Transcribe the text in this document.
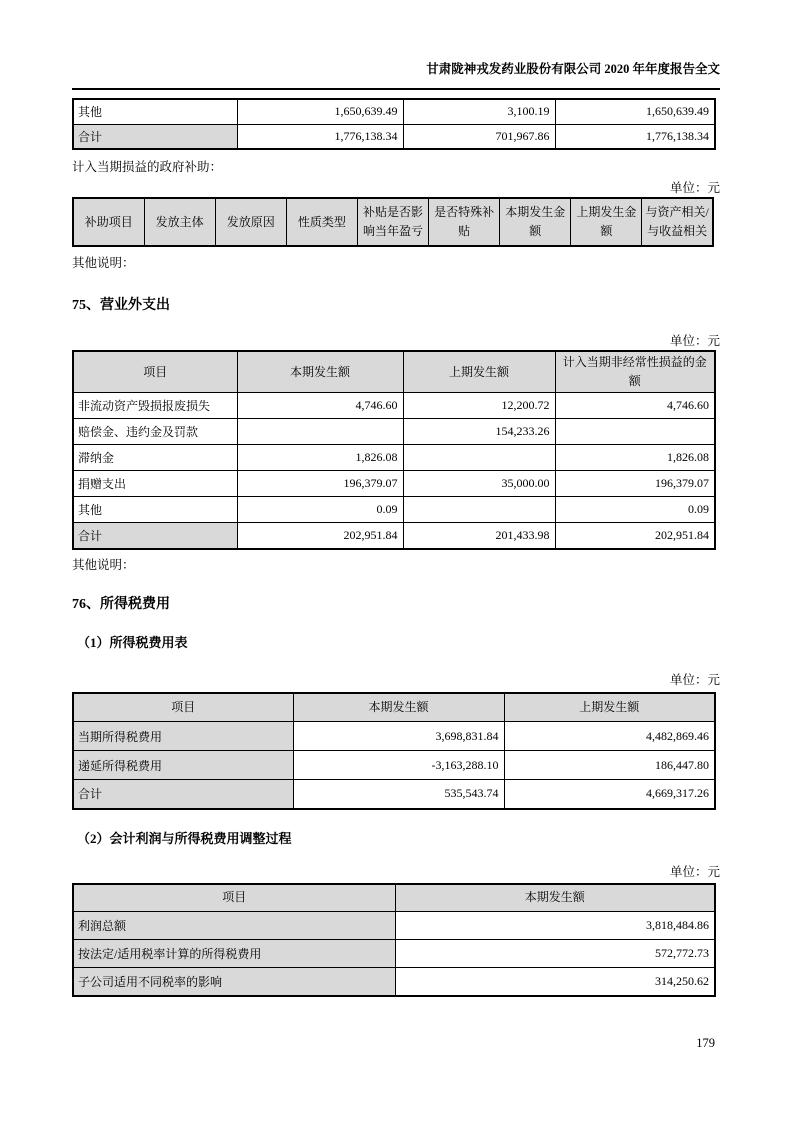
甘肃陇神戎发药业股份有限公司 2020 年年度报告全文
其他	1,650,639.49	3,100.19	1,650,639.49
合计	1,776,138.34	701,967.86	1,776,138.34

计入当期损益的政府补助：

单位：元
补助项目	发放主体	发放原因	性质类型	补贴是否影响当年盈亏	是否特殊补贴	本期发生金额	上期发生金额	与资产相关/与收益相关

其他说明：

75、营业外支出
单位：元
项目	本期发生额	上期发生额	计入当期非经常性损益的金额
非流动资产毁损报废损失	4,746.60	12,200.72	4,746.60
赔偿金、违约金及罚款		154,233.26	
滞纳金	1,826.08		1,826.08
捐赠支出	196,379.07	35,000.00	196,379.07
其他	0.09		0.09
合计	202,951.84	201,433.98	202,951.84

其他说明：

76、所得税费用
（1）所得税费用表
单位：元
项目	本期发生额	上期发生额
当期所得税费用	3,698,831.84	4,482,869.46
递延所得税费用	-3,163,288.10	186,447.80
合计	535,543.74	4,669,317.26
（2）会计利润与所得税费用调整过程
单位：元
项目	本期发生额
利润总额	3,818,484.86
按法定/适用税率计算的所得税费用	572,772.73
子公司适用不同税率的影响	314,250.62
179
